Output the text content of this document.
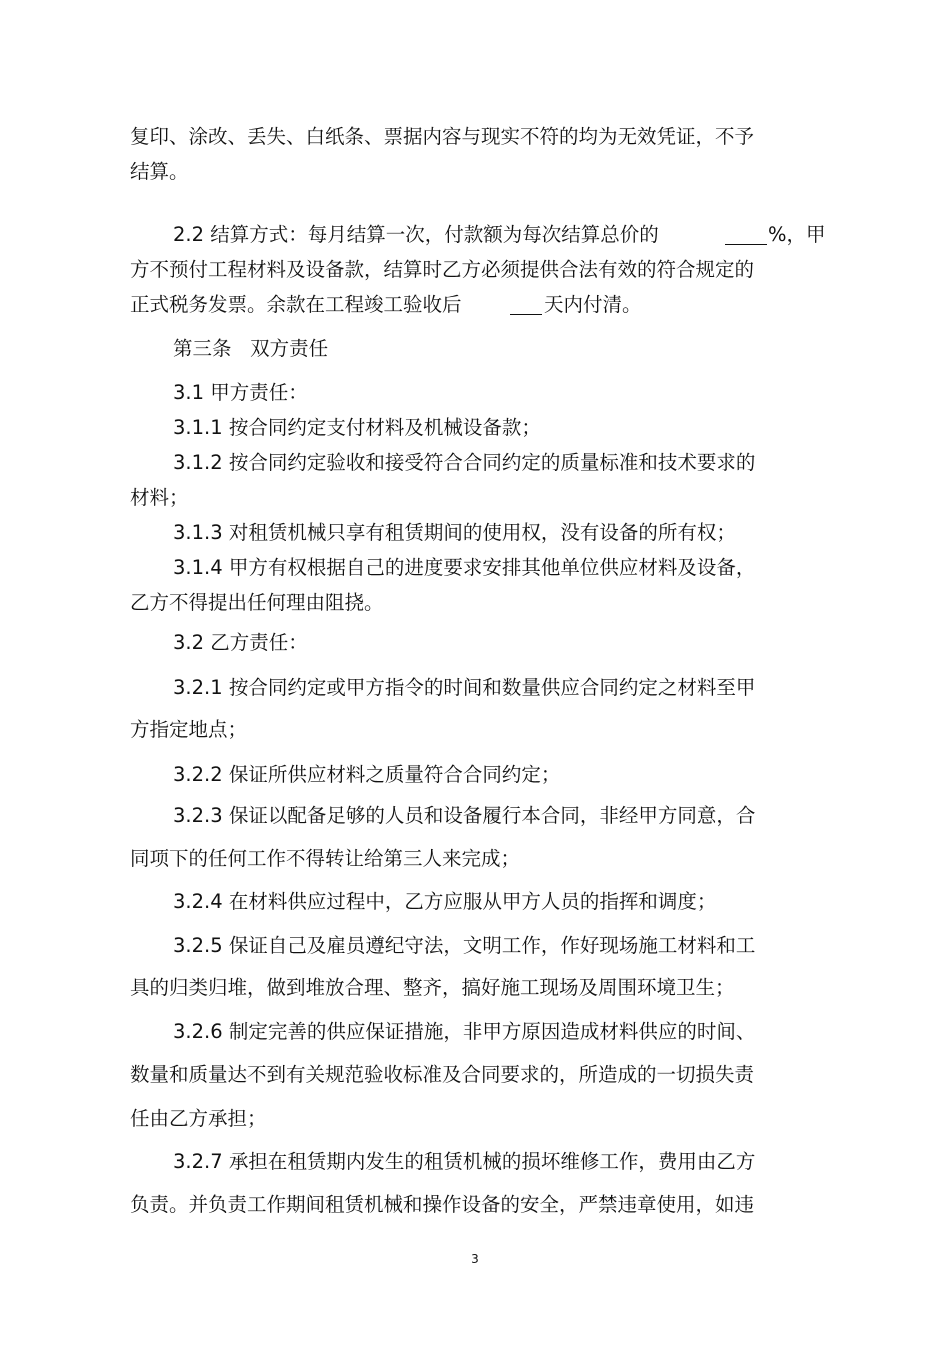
复印、涂改、丢失、白纸条、票据内容与现实不符的均为无效凭证，不予
结算。
2.2 结算方式：每月结算一次，付款额为每次结算总价的	%，甲
方不预付工程材料及设备款，结算时乙方必须提供合法有效的符合规定的
正式税务发票。余款在工程竣工验收后	天内付清。
第三条   双方责任
3.1 甲方责任：
3.1.1 按合同约定支付材料及机械设备款；
3.1.2 按合同约定验收和接受符合合同约定的质量标准和技术要求的
材料；
3.1.3 对租赁机械只享有租赁期间的使用权，没有设备的所有权；
3.1.4 甲方有权根据自己的进度要求安排其他单位供应材料及设备，
乙方不得提出任何理由阻挠。
3.2 乙方责任：
3.2.1 按合同约定或甲方指令的时间和数量供应合同约定之材料至甲
方指定地点；
3.2.2 保证所供应材料之质量符合合同约定；
3.2.3 保证以配备足够的人员和设备履行本合同，非经甲方同意，合
同项下的任何工作不得转让给第三人来完成；
3.2.4 在材料供应过程中，乙方应服从甲方人员的指挥和调度；
3.2.5 保证自己及雇员遵纪守法，文明工作，作好现场施工材料和工
具的归类归堆，做到堆放合理、整齐，搞好施工现场及周围环境卫生；
3.2.6 制定完善的供应保证措施，非甲方原因造成材料供应的时间、
数量和质量达不到有关规范验收标准及合同要求的，所造成的一切损失责
任由乙方承担；
3.2.7 承担在租赁期内发生的租赁机械的损坏维修工作，费用由乙方
负责。并负责工作期间租赁机械和操作设备的安全，严禁违章使用，如违
3
